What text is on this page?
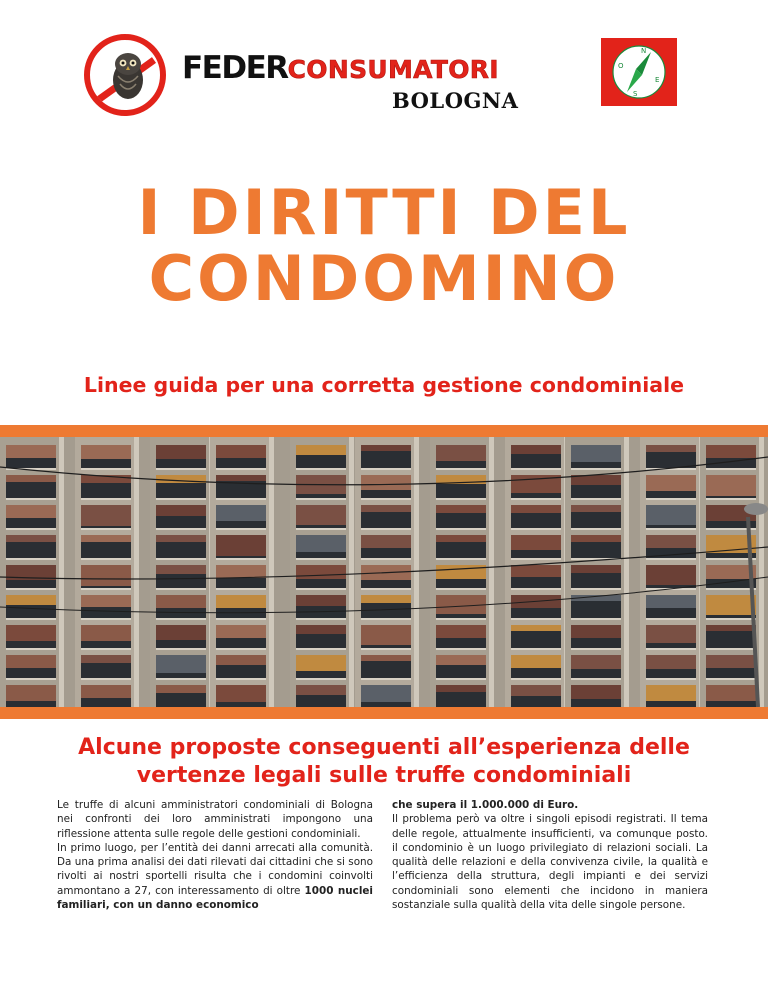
FEDERCONSUMATORI
BOLOGNA
O
N
E
S
I DIRITTI DEL
CONDOMINO
Linee guida per una corretta gestione condominiale
Alcune proposte conseguenti all’esperienza delle
vertenze legali sulle truffe condominiali

Le truffe di alcuni amministratori condominiali di Bologna nei confronti dei loro amministrati impongono una riflessione attenta sulle regole delle gestioni condominiali.

In primo luogo, per l’entità dei danni arrecati alla comunità. Da una prima analisi dei dati rilevati dai cittadini che si sono rivolti ai nostri sportelli risulta che i condomini coinvolti ammontano a 27, con interessamento di oltre 1000 nuclei familiari, con un danno economico

che supera il 1.000.000 di Euro.

Il problema però va oltre i singoli episodi registrati. Il tema delle regole, attualmente insufficienti, va comunque posto. il condominio è un luogo privilegiato di relazioni sociali. La qualità delle relazioni e della convivenza civile, la qualità e l’efficienza della struttura, degli impianti e dei servizi condominiali sono elementi che incidono in maniera sostanziale sulla qualità della vita delle singole persone.
